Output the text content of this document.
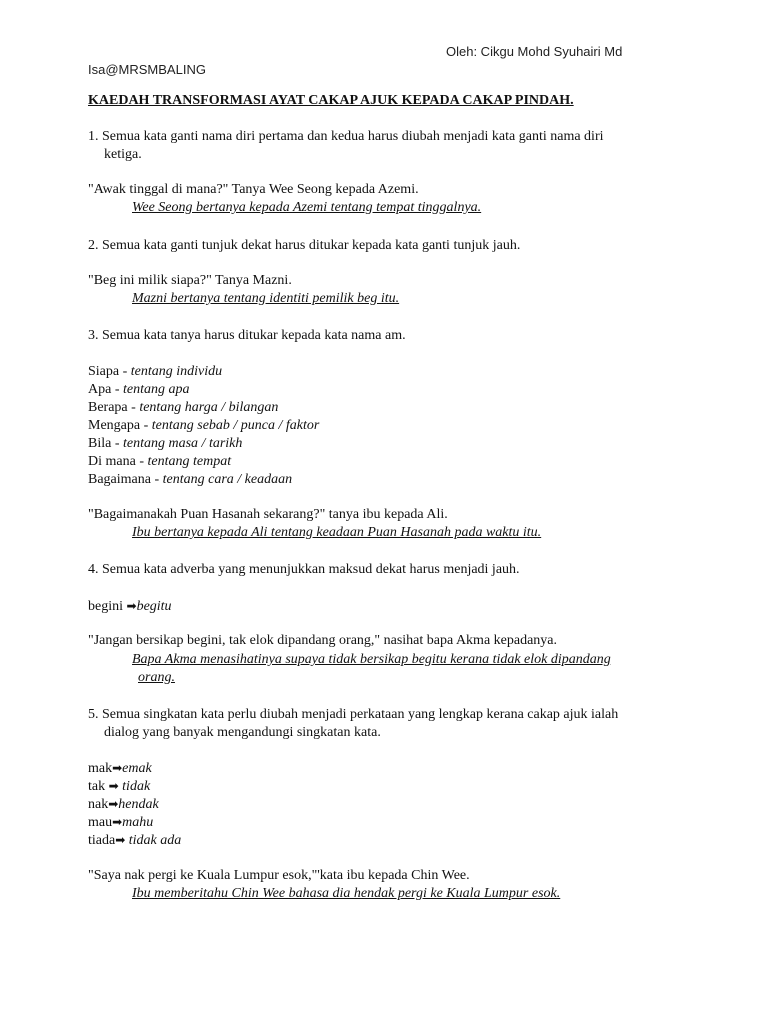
Oleh: Cikgu Mohd Syuhairi Md
Isa@MRSMBALING
KAEDAH TRANSFORMASI AYAT CAKAP AJUK KEPADA CAKAP PINDAH.
1. Semua kata ganti nama diri pertama dan kedua harus diubah menjadi kata ganti nama diri
ketiga.
"Awak tinggal di mana?" Tanya Wee Seong kepada Azemi.
Wee Seong bertanya kepada Azemi tentang tempat tinggalnya.
2. Semua kata ganti tunjuk dekat harus ditukar kepada kata ganti tunjuk jauh.
"Beg ini milik siapa?" Tanya Mazni.
Mazni bertanya tentang identiti pemilik beg itu.
3. Semua kata tanya harus ditukar kepada kata nama am.
Siapa - tentang individu
Apa - tentang apa
Berapa - tentang harga / bilangan
Mengapa - tentang sebab / punca / faktor
Bila - tentang masa / tarikh
Di mana - tentang tempat
Bagaimana - tentang cara / keadaan
"Bagaimanakah Puan Hasanah sekarang?" tanya ibu kepada Ali.
Ibu bertanya kepada Ali tentang keadaan Puan Hasanah pada waktu itu.
4. Semua kata adverba yang menunjukkan maksud dekat harus menjadi jauh.
begini ➡begitu
"Jangan bersikap begini, tak elok dipandang orang," nasihat bapa Akma kepadanya.
Bapa Akma menasihatinya supaya tidak bersikap begitu kerana tidak elok dipandang
orang.
5. Semua singkatan kata perlu diubah menjadi perkataan yang lengkap kerana cakap ajuk ialah
dialog yang banyak mengandungi singkatan kata.
mak➡emak
tak ➡ tidak
nak➡hendak
mau➡mahu
tiada➡ tidak ada
"Saya nak pergi ke Kuala Lumpur esok,"'kata ibu kepada Chin Wee.
Ibu memberitahu Chin Wee bahasa dia hendak pergi ke Kuala Lumpur esok.
